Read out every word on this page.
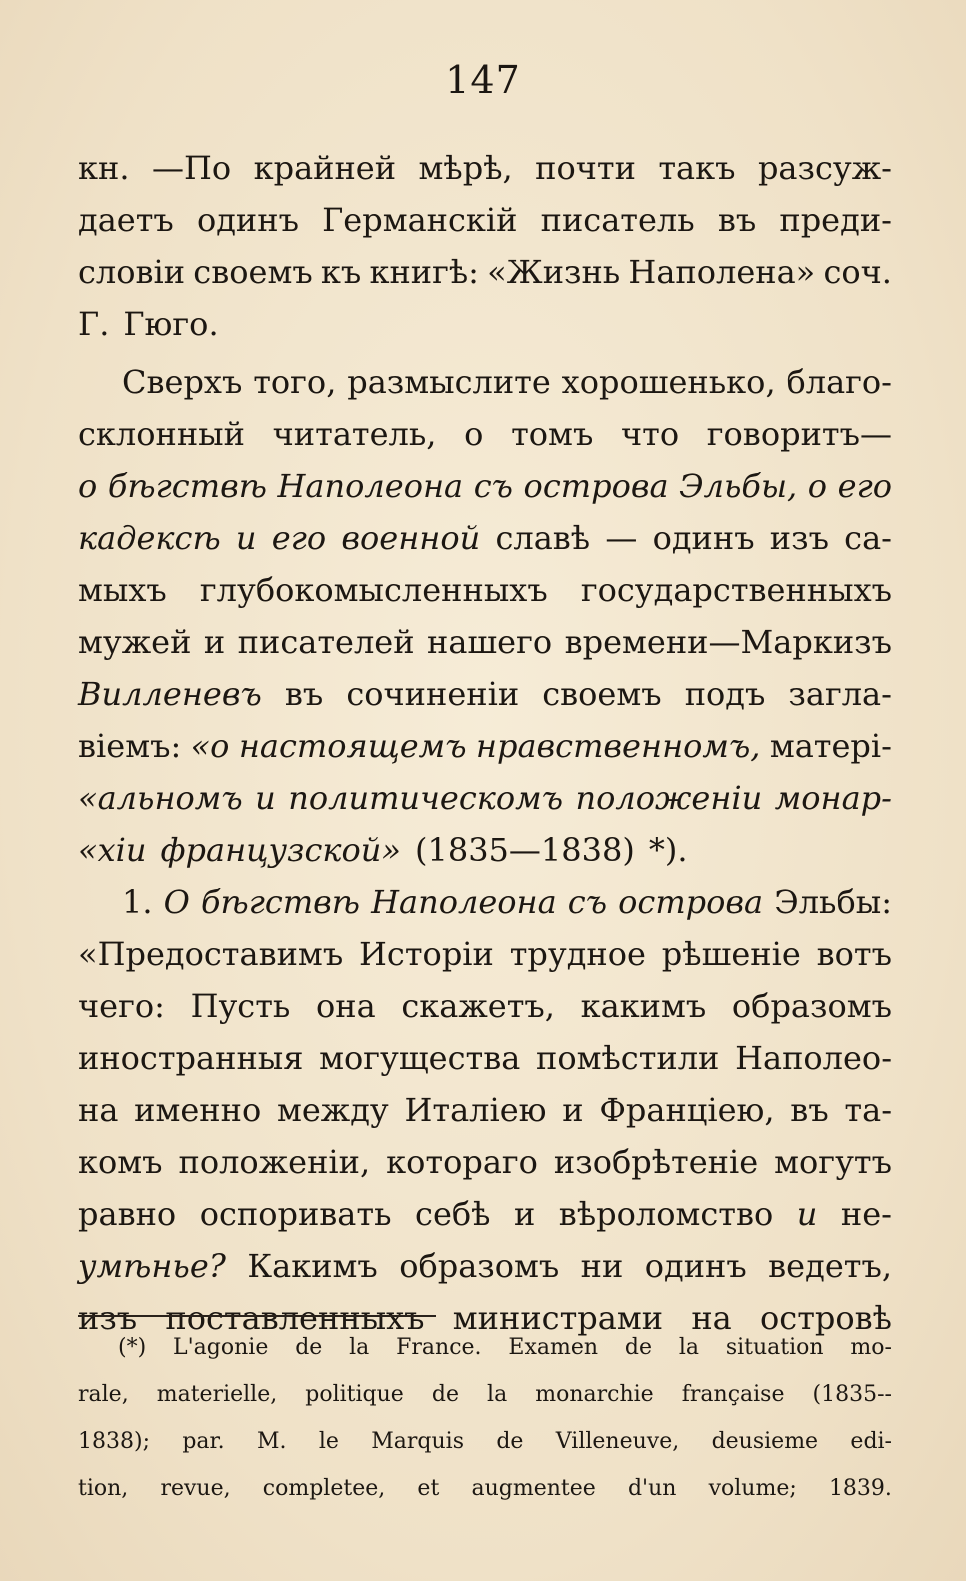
147
кн. —По крайней мѣрѣ, почти такъ разсуж-
даетъ одинъ Германскій писатель въ преди-
словіи своемъ къ книгѣ: «Жизнь Наполена» соч.
Г. Гюго.
Сверхъ того, размыслите хорошенько, благо-
склонный читатель, о томъ что говоритъ—
о бѣгствѣ Наполеона съ острова Эльбы, о его
кадексѣ и его военной славѣ — одинъ изъ са-
мыхъ глубокомысленныхъ государственныхъ
мужей и писателей нашего времени—Маркизъ
Вилленевъ въ сочиненіи своемъ подъ загла-
віемъ: «о настоящемъ нравственномъ, матері-
«альномъ и политическомъ положеніи монар-
«хіи французской» (1835—1838) *).
1. О бѣгствѣ Наполеона съ острова Эльбы:
«Предоставимъ Исторіи трудное рѣшеніе вотъ
чего: Пусть она скажетъ, какимъ образомъ
иностранныя могущества помѣстили Наполео-
на именно между Италіею и Франціею, въ та-
комъ положеніи, котораго изобрѣтеніе могутъ
равно оспоривать себѣ и вѣроломство и не-
умѣнье? Какимъ образомъ ни одинъ ведетъ,
изъ поставленныхъ министрами на островѣ
(*) L'agonie de la France. Examen de la situation mo-
rale, materielle, politique de la monarchie française (1835--
1838); par. M. le Marquis de Villeneuve, deusieme edi-
tion, revue, completee, et augmentee d'un volume; 1839.
